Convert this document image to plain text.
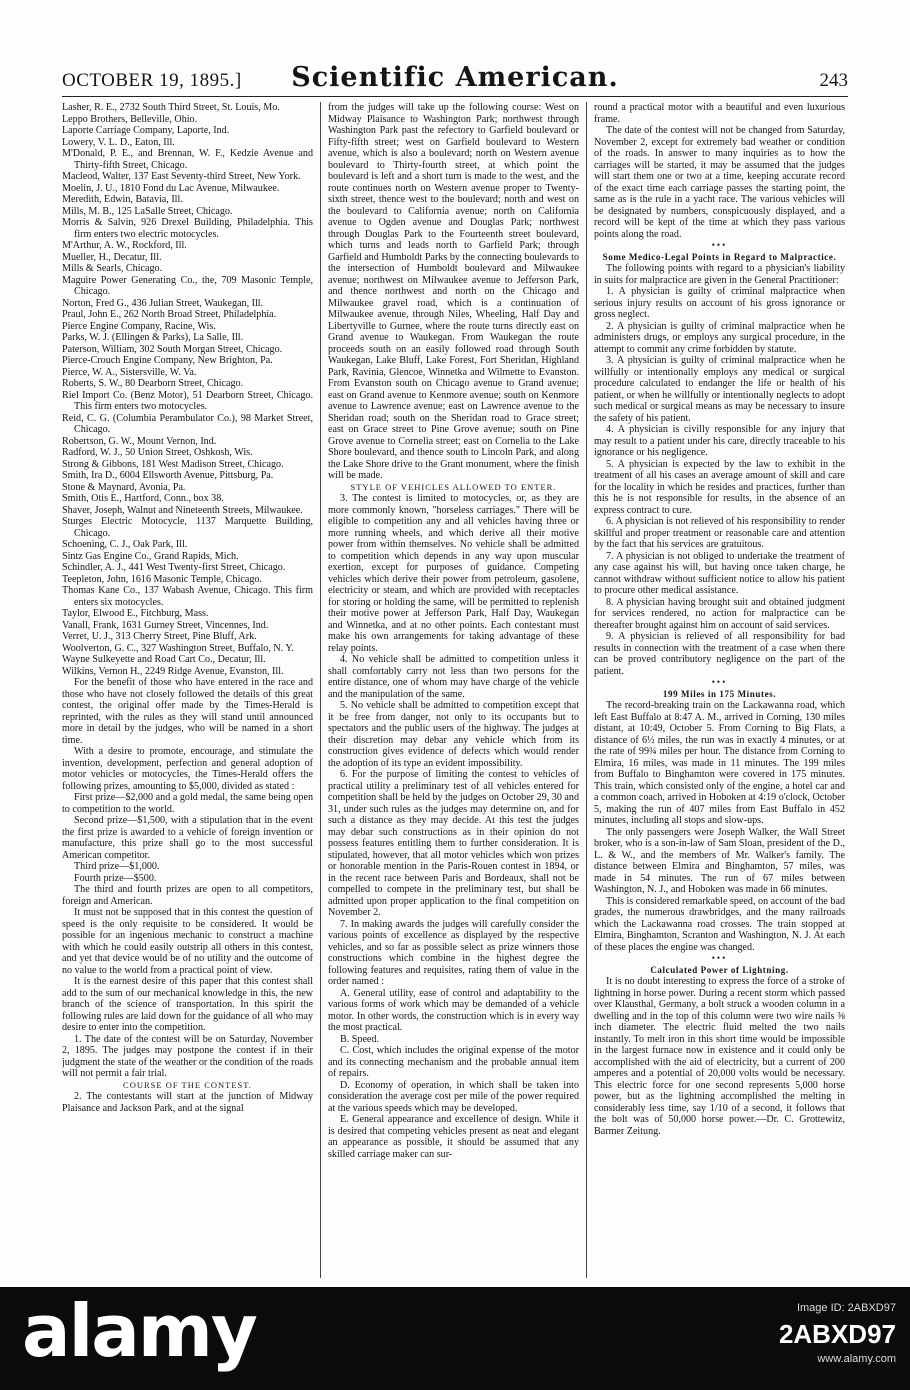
OCTOBER 19, 1895.]	Scientific American.	243

Lasher, R. E., 2732 South Third Street, St. Louis, Mo.

Leppo Brothers, Belleville, Ohio.

Laporte Carriage Company, Laporte, Ind.

Lowery, V. L. D., Eaton, Ill.

M'Donald, P. E., and Brennan, W. F., Kedzie Avenue and Thirty-fifth Street, Chicago.

Macleod, Walter, 137 East Seventy-third Street, New York.

Moelin, J. U., 1810 Fond du Lac Avenue, Milwaukee.

Meredith, Edwin, Batavia, Ill.

Mills, M. B., 125 LaSalle Street, Chicago.

Morris & Salvin, 926 Drexel Building, Philadelphia. This firm enters two electric motocycles.

M'Arthur, A. W., Rockford, Ill.

Mueller, H., Decatur, Ill.

Mills & Searls, Chicago.

Maguire Power Generating Co., the, 709 Masonic Temple, Chicago.

Norton, Fred G., 436 Julian Street, Waukegan, Ill.

Praul, John E., 262 North Broad Street, Philadelphia.

Pierce Engine Company, Racine, Wis.

Parks, W. J. (Ellingen & Parks), La Salle, Ill.

Paterson, William, 302 South Morgan Street, Chicago.

Pierce-Crouch Engine Company, New Brighton, Pa.

Pierce, W. A., Sistersville, W. Va.

Roberts, S. W., 80 Dearborn Street, Chicago.

Riel Import Co. (Benz Motor), 51 Dearborn Street, Chicago. This firm enters two motocycles.

Reid, C. G. (Columbia Perambulator Co.), 98 Market Street, Chicago.

Robertson, G. W., Mount Vernon, Ind.

Radford, W. J., 50 Union Street, Oshkosh, Wis.

Strong & Gibbons, 181 West Madison Street, Chicago.

Smith, Ira D., 6004 Ellsworth Avenue, Pittsburg, Pa.

Stone & Maynard, Avonia, Pa.

Smith, Otis E., Hartford, Conn., box 38.

Shaver, Joseph, Walnut and Nineteenth Streets, Milwaukee.

Sturges Electric Motocycle, 1137 Marquette Building, Chicago.

Schoening, C. J., Oak Park, Ill.

Sintz Gas Engine Co., Grand Rapids, Mich.

Schindler, A. J., 441 West Twenty-first Street, Chicago.

Teepleton, John, 1616 Masonic Temple, Chicago.

Thomas Kane Co., 137 Wabash Avenue, Chicago. This firm enters six motocycles.

Taylor, Elwood E., Fitchburg, Mass.

Vanall, Frank, 1631 Gurney Street, Vincennes, Ind.

Verret, U. J., 313 Cherry Street, Pine Bluff, Ark.

Woolverton, G. C., 327 Washington Street, Buffalo, N. Y.

Wayne Sulkeyette and Road Cart Co., Decatur, Ill.

Wilkins, Vernon H., 2249 Ridge Avenue, Evanston, Ill.

For the benefit of those who have entered in the race and those who have not closely followed the details of this great contest, the original offer made by the Times-Herald is reprinted, with the rules as they will stand until announced more in detail by the judges, who will be named in a short time.

With a desire to promote, encourage, and stimulate the invention, development, perfection and general adoption of motor vehicles or motocycles, the Times-Herald offers the following prizes, amounting to $5,000, divided as stated :

First prize—$2,000 and a gold medal, the same being open to competition to the world.

Second prize—$1,500, with a stipulation that in the event the first prize is awarded to a vehicle of foreign invention or manufacture, this prize shall go to the most successful American competitor.

Third prize—$1,000.

Fourth prize—$500.

The third and fourth prizes are open to all competitors, foreign and American.

It must not be supposed that in this contest the question of speed is the only requisite to be considered. It would be possible for an ingenious mechanic to construct a machine with which he could easily outstrip all others in this contest, and yet that device would be of no utility and the outcome of no value to the world from a practical point of view.

It is the earnest desire of this paper that this contest shall add to the sum of our mechanical knowledge in this, the new branch of the science of transportation. In this spirit the following rules are laid down for the guidance of all who may desire to enter into the competition.

1. The date of the contest will be on Saturday, November 2, 1895. The judges may postpone the contest if in their judgment the state of the weather or the condition of the roads will not permit a fair trial.

COURSE OF THE CONTEST.

2. The contestants will start at the junction of Midway Plaisance and Jackson Park, and at the signal

from the judges will take up the following course: West on Midway Plaisance to Washington Park; northwest through Washington Park past the refectory to Garfield boulevard or Fifty-fifth street; west on Garfield boulevard to Western avenue, which is also a boulevard; north on Western avenue boulevard to Thirty-fourth street, at which point the boulevard is left and a short turn is made to the west, and the route continues north on Western avenue proper to Twenty-sixth street, thence west to the boulevard; north and west on the boulevard to California avenue; north on California avenue to Ogden avenue and Douglas Park; northwest through Douglas Park to the Fourteenth street boulevard, which turns and leads north to Garfield Park; through Garfield and Humboldt Parks by the connecting boulevards to the intersection of Humboldt boulevard and Milwaukee avenue; northwest on Milwaukee avenue to Jefferson Park, and thence northwest and north on the Chicago and Milwaukee gravel road, which is a continuation of Milwaukee avenue, through Niles, Wheeling, Half Day and Libertyville to Gurnee, where the route turns directly east on Grand avenue to Waukegan. From Waukegan the route proceeds south on an easily followed road through South Waukegan, Lake Bluff, Lake Forest, Fort Sheridan, Highland Park, Ravinia, Glencoe, Winnetka and Wilmette to Evanston. From Evanston south on Chicago avenue to Grand avenue; east on Grand avenue to Kenmore avenue; south on Kenmore avenue to Lawrence avenue; east on Lawrence avenue to the Sheridan road; south on the Sheridan road to Grace street; east on Grace street to Pine Grove avenue; south on Pine Grove avenue to Cornelia street; east on Cornelia to the Lake Shore boulevard, and thence south to Lincoln Park, and along the Lake Shore drive to the Grant monument, where the finish will be made.

STYLE OF VEHICLES ALLOWED TO ENTER.

3. The contest is limited to motocycles, or, as they are more commonly known, "horseless carriages." There will be eligible to competition any and all vehicles having three or more running wheels, and which derive all their motive power from within themselves. No vehicle shall be admitted to competition which depends in any way upon muscular exertion, except for purposes of guidance. Competing vehicles which derive their power from petroleum, gasolene, electricity or steam, and which are provided with receptacles for storing or holding the same, will be permitted to replenish their motive power at Jefferson Park, Half Day, Waukegan and Winnetka, and at no other points. Each contestant must make his own arrangements for taking advantage of these relay points.

4. No vehicle shall be admitted to competition unless it shall comfortably carry not less than two persons for the entire distance, one of whom may have charge of the vehicle and the manipulation of the same.

5. No vehicle shall be admitted to competition except that it be free from danger, not only to its occupants but to spectators and the public users of the highway. The judges at their discretion may debar any vehicle which from its construction gives evidence of defects which would render the adoption of its type an evident impossibility.

6. For the purpose of limiting the contest to vehicles of practical utility a preliminary test of all vehicles entered for competition shall be held by the judges on October 29, 30 and 31, under such rules as the judges may determine on, and for such a distance as they may decide. At this test the judges may debar such constructions as in their opinion do not possess features entitling them to further consideration. It is stipulated, however, that all motor vehicles which won prizes or honorable mention in the Paris-Rouen contest in 1894, or in the recent race between Paris and Bordeaux, shall not be compelled to compete in the preliminary test, but shall be admitted upon proper application to the final competition on November 2.

7. In making awards the judges will carefully consider the various points of excellence as displayed by the respective vehicles, and so far as possible select as prize winners those constructions which combine in the highest degree the following features and requisites, rating them of value in the order named :

A. General utility, ease of control and adaptability to the various forms of work which may be demanded of a vehicle motor. In other words, the construction which is in every way the most practical.

B. Speed.

C. Cost, which includes the original expense of the motor and its connecting mechanism and the probable annual item of repairs.

D. Economy of operation, in which shall be taken into consideration the average cost per mile of the power required at the various speeds which may be developed.

E. General appearance and excellence of design. While it is desired that competing vehicles present as neat and elegant an appearance as possible, it should be assumed that any skilled carriage maker can sur-

round a practical motor with a beautiful and even luxurious frame.

The date of the contest will not be changed from Saturday, November 2, except for extremely bad weather or condition of the roads. In answer to many inquiries as to how the carriages will be started, it may be assumed that the judges will start them one or two at a time, keeping accurate record of the exact time each carriage passes the starting point, the same as is the rule in a yacht race. The various vehicles will be designated by numbers, conspicuously displayed, and a record will be kept of the time at which they pass various points along the road.

•••

Some Medico-Legal Points in Regard to Malpractice.

The following points with regard to a physician's liability in suits for malpractice are given in the General Practitioner:

1. A physician is guilty of criminal malpractice when serious injury results on account of his gross ignorance or gross neglect.

2. A physician is guilty of criminal malpractice when he administers drugs, or employs any surgical procedure, in the attempt to commit any crime forbidden by statute.

3. A physician is guilty of criminal malpractice when he willfully or intentionally employs any medical or surgical procedure calculated to endanger the life or health of his patient, or when he willfully or intentionally neglects to adopt such medical or surgical means as may be necessary to insure the safety of his patient.

4. A physician is civilly responsible for any injury that may result to a patient under his care, directly traceable to his ignorance or his negligence.

5. A physician is expected by the law to exhibit in the treatment of all his cases an average amount of skill and care for the locality in which he resides and practices, further than this he is not responsible for results, in the absence of an express contract to cure.

6. A physician is not relieved of his responsibility to render skillful and proper treatment or reasonable care and attention by the fact that his services are gratuitous.

7. A physician is not obliged to undertake the treatment of any case against his will, but having once taken charge, he cannot withdraw without sufficient notice to allow his patient to procure other medical assistance.

8. A physician having brought suit and obtained judgment for services rendered, no action for malpractice can be thereafter brought against him on account of said services.

9. A physician is relieved of all responsibility for bad results in connection with the treatment of a case when there can be proved contributory negligence on the part of the patient.

•••

199 Miles in 175 Minutes.

The record-breaking train on the Lackawanna road, which left East Buffalo at 8:47 A. M., arrived in Corning, 130 miles distant, at 10:49, October 5. From Corning to Big Flats, a distance of 6½ miles, the run was in exactly 4 minutes, or at the rate of 99¾ miles per hour. The distance from Corning to Elmira, 16 miles, was made in 11 minutes. The 199 miles from Buffalo to Binghamton were covered in 175 minutes. This train, which consisted only of the engine, a hotel car and a common coach, arrived in Hoboken at 4:19 o'clock, October 5, making the run of 407 miles from East Buffalo in 452 minutes, including all stops and slow-ups.

The only passengers were Joseph Walker, the Wall Street broker, who is a son-in-law of Sam Sloan, president of the D., L. & W., and the members of Mr. Walker's family. The distance between Elmira and Binghamton, 57 miles, was made in 54 minutes. The run of 67 miles between Washington, N. J., and Hoboken was made in 66 minutes.

This is considered remarkable speed, on account of the bad grades, the numerous drawbridges, and the many railroads which the Lackawanna road crosses. The train stopped at Elmira, Binghamton, Scranton and Washington, N. J. At each of these places the engine was changed.

•••

Calculated Power of Lightning.

It is no doubt interesting to express the force of a stroke of lightning in horse power. During a recent storm which passed over Klausthal, Germany, a bolt struck a wooden column in a dwelling and in the top of this column were two wire nails ⅜ inch diameter. The electric fluid melted the two nails instantly. To melt iron in this short time would be impossible in the largest furnace now in existence and it could only be accomplished with the aid of electricity, but a current of 200 amperes and a potential of 20,000 volts would be necessary. This electric force for one second represents 5,000 horse power, but as the lightning accomplished the melting in considerably less time, say 1/10 of a second, it follows that the bolt was of 50,000 horse power.—Dr. C. Grottewitz, Barmer Zeitung.

alamy	Image ID: 2ABXD97
2ABXD97
www.alamy.com
